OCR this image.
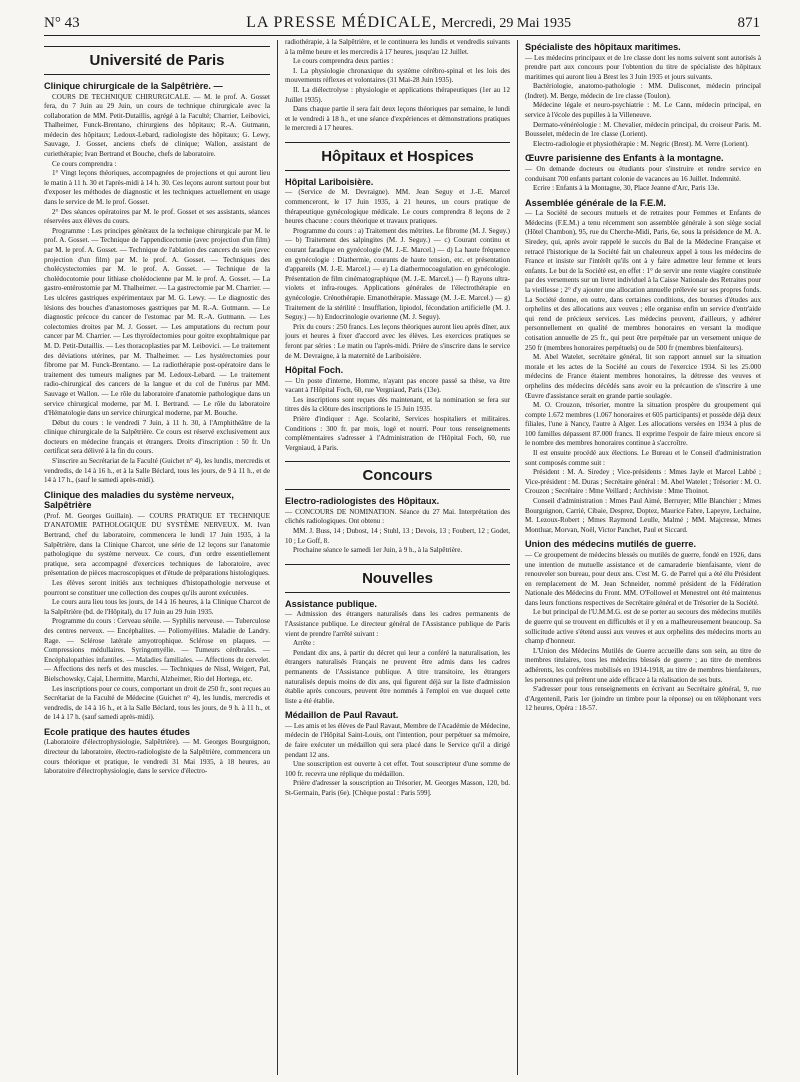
N° 43	LA PRESSE MÉDICALE, Mercredi, 29 Mai 1935	871
Université de Paris
Clinique chirurgicale de la Salpêtrière. —

COURS DE TECHNIQUE CHIRURGICALE. — M. le prof. A. Gosset fera, du 7 Juin au 29 Juin, un cours de technique chirurgicale avec la collaboration de MM. Petit-Dutaillis, agrégé à la Faculté; Charrier, Leibovici, Thalheimer, Funck-Brentano, chirurgiens des hôpitaux; R.-A. Gutmann, médecin des hôpitaux; Ledoux-Lebard, radiologiste des hôpitaux; G. Lewy, Sauvage, J. Gosset, anciens chefs de clinique; Wallon, assistant de curiethérapie; Ivan Bertrand et Bouche, chefs de laboratoire.

Ce cours comprendra :

1° Vingt leçons théoriques, accompagnées de projections et qui auront lieu le matin à 11 h. 30 et l'après-midi à 14 h. 30. Ces leçons auront surtout pour but d'exposer les méthodes de diagnostic et les techniques actuellement en usage dans le service de M. le prof. Gosset.

2° Des séances opératoires par M. le prof. Gosset et ses assistants, séances réservées aux élèves du cours.

Programme : Les principes généraux de la technique chirurgicale par M. le prof. A. Gosset. — Technique de l'appendicectomie (avec projection d'un film) par M. le prof. A. Gosset. — Technique de l'ablation des cancers du sein (avec projection d'un film) par M. le prof. A. Gosset. — Techniques des cholécystectomies par M. le prof. A. Gosset. — Technique de la cholédocotomie pour lithiase cholédocienne par M. le prof. A. Gosset. — La gastro-entérostomie par M. Thalheimer. — La gastrectomie par M. Charrier. — Les ulcères gastriques expérimentaux par M. G. Lewy. — Le diagnostic des lésions des bouches d'anastomoses gastriques par M. R.-A. Gutmann. — Le diagnostic précoce du cancer de l'estomac par M. R.-A. Gutmann. — Les colectomies droites par M. J. Gosset. — Les amputations du rectum pour cancer par M. Charrier. — Les thyroïdectomies pour goitre exophtalmique par M. D. Petit-Dutaillis. — Les thoracoplasties par M. Leibovici. — Le traitement des déviations utérines, par M. Thalheimer. — Les hystérectomies pour fibrome par M. Funck-Brentano. — La radiothérapie post-opératoire dans le traitement des tumeurs malignes par M. Ledoux-Lebard. — Le traitement radio-chirurgical des cancers de la langue et du col de l'utérus par MM. Sauvage et Wallon. — Le rôle du laboratoire d'anatomie pathologique dans un service chirurgical moderne, par M. I. Bertrand. — Le rôle du laboratoire d'Hématologie dans un service chirurgical moderne, par M. Bouche.

Début du cours : le vendredi 7 Juin, à 11 h. 30, à l'Amphithéâtre de la clinique chirurgicale de la Salpêtrière. Ce cours est réservé exclusivement aux docteurs en médecine français et étrangers. Droits d'inscription : 50 fr. Un certificat sera délivré à la fin du cours.

S'inscrire au Secrétariat de la Faculté (Guichet n° 4), les lundis, mercredis et vendredis, de 14 à 16 h., et à la Salle Béclard, tous les jours, de 9 à 11 h., et de 14 à 17 h., (sauf le samedi après-midi).

Clinique des maladies du système nerveux, Salpêtrière

(Prof. M. Georges Guillain). — COURS PRATIQUE ET TECHNIQUE D'ANATOMIE PATHOLOGIQUE DU SYSTÈME NERVEUX. M. Ivan Bertrand, chef du laboratoire, commencera le lundi 17 Juin 1935, à la Salpêtrière, dans la Clinique Charcot, une série de 12 leçons sur l'anatomie pathologique du système nerveux. Ce cours, d'un ordre essentiellement pratique, sera accompagné d'exercices techniques de laboratoire, avec présentation de pièces macroscopiques et d'étude de préparations histologiques.

Les élèves seront initiés aux techniques d'histopathologie nerveuse et pourront se constituer une collection des coupes qu'ils auront exécutées.

Le cours aura lieu tous les jours, de 14 à 16 heures, à la Clinique Charcot de la Salpêtrière (bd. de l'Hôpital), du 17 Juin au 29 Juin 1935.

Programme du cours : Cerveau sénile. — Syphilis nerveuse. — Tuberculose des centres nerveux. — Encéphalites. — Poliomyélites. Maladie de Landry. Rage. — Sclérose latérale amyotrophique. Sclérose en plaques. — Compressions médullaires. Syringomyélie. — Tumeurs cérébrales. — Encéphalopathies infantiles. — Maladies familiales. — Affections du cervelet. — Affections des nerfs et des muscles. — Techniques de Nissl, Weigert, Pal, Bielschowsky, Cajal, Lhermitte, Marchi, Alzheimer, Rio del Hortega, etc.

Les inscriptions pour ce cours, comportant un droit de 250 fr., sont reçues au Secrétariat de la Faculté de Médecine (Guichet n° 4), les lundis, mercredis et vendredis, de 14 à 16 h., et à la Salle Béclard, tous les jours, de 9 h. à 11 h., et de 14 à 17 h. (sauf samedi après-midi).

Ecole pratique des hautes études

(Laboratoire d'électrophysiologie, Salpêtrière). — M. Georges Bourguignon, directeur du laboratoire, électro-radiologiste de la Salpêtrière, commencera un cours théorique et pratique, le vendredi 31 Mai 1935, à 18 heures, au laboratoire d'électrophysiologie, dans le service d'électro-

radiothérapie, à la Salpêtrière, et le continuera les lundis et vendredis suivants à la même heure et les mercredis à 17 heures, jusqu'au 12 Juillet.

Le cours comprendra deux parties :

I. La physiologie chronaxique du système cérébro-spinal et les lois des mouvements réflexes et volontaires (31 Mai-28 Juin 1935).

II. La diélectrolyse : physiologie et applications thérapeutiques (1er au 12 Juillet 1935).

Dans chaque partie il sera fait deux leçons théoriques par semaine, le lundi et le vendredi à 18 h., et une séance d'expériences et démonstrations pratiques le mercredi à 17 heures.

Hôpitaux et Hospices
Hôpital Lariboisière.

— (Service de M. Devraigne). MM. Jean Seguy et J.-E. Marcel commenceront, le 17 Juin 1935, à 21 heures, un cours pratique de thérapeutique gynécologique médicale. Le cours comprendra 8 leçons de 2 heures chacune : cours théorique et travaux pratiques.

Programme du cours : a) Traitement des métrites. Le fibrome (M. J. Seguy.) — b) Traitement des salpingites (M. J. Seguy.) — c) Courant continu et courant faradique en gynécologie (M. J.-E. Marcel.) — d) La haute fréquence en gynécologie : Diathermie, courants de haute tension, etc. et présentation d'appareils (M. J.-E. Marcel.) — e) La diathermocoagulation en gynécologie. Présentation de film cinématographique (M. J.-E. Marcel.) — f) Rayons ultra-violets et infra-rouges. Applications générales de l'électrothérapie en gynécologie. Crénothérapie. Emanothérapie. Massage (M. J.-E. Marcel.) — g) Traitement de la stérilité : Insufflation, lipiodol, fécondation artificielle (M. J. Seguy.) — h) Endocrinologie ovarienne (M. J. Seguy).

Prix du cours : 250 francs. Les leçons théoriques auront lieu après dîner, aux jours et heures à fixer d'accord avec les élèves. Les exercices pratiques se feront par séries : Le matin ou l'après-midi. Prière de s'inscrire dans le service de M. Devraigne, à la maternité de Lariboisière.

Hôpital Foch.

— Un poste d'interne, Homme, n'ayant pas encore passé sa thèse, va être vacant à l'Hôpital Foch, 60, rue Vergniaud, Paris (13e).

Les inscriptions sont reçues dès maintenant, et la nomination se fera sur titres dès la clôture des inscriptions le 15 Juin 1935.

Prière d'indiquer : Age. Scolarité, Services hospitaliers et militaires. Conditions : 300 fr. par mois, logé et nourri. Pour tous renseignements complémentaires s'adresser à l'Administration de l'Hôpital Foch, 60, rue Vergniaud, à Paris.

Concours
Electro-radiologistes des Hôpitaux.

— CONCOURS DE NOMINATION. Séance du 27 Mai. Interprétation des clichés radiologiques. Ont obtenu :

MM. J. Buss, 14 ; Dubost, 14 ; Stuhl, 13 ; Devois, 13 ; Foubert, 12 ; Godet, 10 ; Le Goff, 8.

Prochaine séance le samedi 1er Juin, à 9 h., à la Salpêtrière.

Nouvelles
Assistance publique.

— Admission des étrangers naturalisés dans les cadres permanents de l'Assistance publique. Le directeur général de l'Assistance publique de Paris vient de prendre l'arrêté suivant :

Arrête :

Pendant dix ans, à partir du décret qui leur a conféré la naturalisation, les étrangers naturalisés Français ne peuvent être admis dans les cadres permanents de l'Assistance publique. A titre transitoire, les étrangers naturalisés depuis moins de dix ans, qui figurent déjà sur la liste d'admission établie après concours, peuvent être nommés à l'emploi en vue duquel cette liste a été établie.

Médaillon de Paul Ravaut.

— Les amis et les élèves de Paul Ravaut, Membre de l'Académie de Médecine, médecin de l'Hôpital Saint-Louis, ont l'intention, pour perpétuer sa mémoire, de faire exécuter un médaillon qui sera placé dans le Service qu'il a dirigé pendant 12 ans.

Une souscription est ouverte à cet effet. Tout souscripteur d'une somme de 100 fr. recevra une réplique du médaillon.

Prière d'adresser la souscription au Trésorier, M. Georges Masson, 120, bd. St-Germain, Paris (6e). [Chèque postal : Paris 599].

Spécialiste des hôpitaux maritimes.

— Les médecins principaux et de 1re classe dont les noms suivent sont autorisés à prendre part aux concours pour l'obtention du titre de spécialiste des hôpitaux maritimes qui auront lieu à Brest les 3 Juin 1935 et jours suivants.

Bactériologie, anatomo-pathologie : MM. Dulisconet, médecin principal (Indret). M. Berge, médecin de 1re classe (Toulon).

Médecine légale et neuro-psychiatrie : M. Le Cann, médecin principal, en service à l'école des pupilles à la Villeneuve.

Dermato-vénéréologie : M. Chevalier, médecin principal, du croiseur Paris. M. Bousselet, médecin de 1re classe (Lorient).

Electro-radiologie et physiothérapie : M. Negric (Brest). M. Verre (Lorient).

Œuvre parisienne des Enfants à la montagne.

— On demande docteurs ou étudiants pour s'instruire et rendre service en conduisant 700 enfants partant colonie de vacances au 16 Juillet. Indemnité.

Ecrire : Enfants à la Montagne, 30, Place Jeanne d'Arc, Paris 13e.

Assemblée générale de la F.E.M.

— La Société de secours mutuels et de retraites pour Femmes et Enfants de Médecins (F.E.M.) a tenu récemment son assemblée générale à son siège social (Hôtel Chambon), 95, rue du Cherche-Midi, Paris, 6e, sous la présidence de M. A. Siredey, qui, après avoir rappelé le succès du Bal de la Médecine Française et retracé l'historique de la Société fait un chaleureux appel à tous les médecins de France et insiste sur l'intérêt qu'ils ont à y faire admettre leur femme et leurs enfants. Le but de la Société est, en effet : 1° de servir une rente viagère constituée par des versements sur un livret individuel à la Caisse Nationale des Retraites pour la vieillesse ; 2° d'y ajouter une allocation annuelle prélevée sur ses propres fonds. La Société donne, en outre, dans certaines conditions, des bourses d'études aux orphelins et des allocations aux veuves ; elle organise enfin un service d'entr'aide qui rend de précieux services. Les médecins peuvent, d'ailleurs, y adhérer personnellement en qualité de membres honoraires en versant la modique cotisation annuelle de 25 fr., qui peut être perpétuée par un versement unique de 250 fr (membres honoraires perpétuels) ou de 500 fr (membres bienfaiteurs).

M. Abel Watelet, secrétaire général, lit son rapport annuel sur la situation morale et les actes de la Société au cours de l'exercice 1934. Si les 25.000 médecins de France étaient membres honoraires, la détresse des veuves et orphelins des médecins décédés sans avoir eu la précaution de s'inscrire à une Œuvre d'assistance serait en grande partie soulagée.

M. O. Crouzon, trésorier, montre la situation prospère du groupement qui compte 1.672 membres (1.067 honoraires et 605 participants) et possède déjà deux filiales, l'une à Nancy, l'autre à Alger. Les allocations versées en 1934 à plus de 100 familles dépassent 87.000 francs. Il exprime l'espoir de faire mieux encore si le nombre des membres honoraires continue à s'accroître.

Il est ensuite procédé aux élections. Le Bureau et le Conseil d'administration sont composés comme suit :

Président : M. A. Siredey ; Vice-présidents : Mmes Jayle et Marcel Labbé ; Vice-président : M. Duras ; Secrétaire général : M. Abel Watelet ; Trésorier : M. O. Crouzon ; Secrétaire : Mme Veillard ; Archiviste : Mme Thoinot.

Conseil d'administration : Mmes Paul Aimé, Berruyer; Mlle Blanchier ; Mmes Bourguignon, Carrié, Cibaie, Desprez, Doptez, Maurice Fabre, Lapeyre, Lechaine, M. Lezoux-Robert ; Mmes Raymond Leulle, Malmé ; MM. Majcresse, Mmes Montluar, Morvan, Noël, Victor Panchet, Paul et Siccard.

Union des médecins mutilés de guerre.

— Ce groupement de médecins blessés ou mutilés de guerre, fondé en 1926, dans une intention de mutuelle assistance et de camaraderie bienfaisante, vient de renouveler son bureau, pour deux ans. C'est M. G. de Parrel qui a été élu Président en remplacement de M. Jean Schneider, nommé président de la Fédération Nationale des Médecins du Front. MM. O'Followel et Menestrel ont été maintenus dans leurs fonctions respectives de Secrétaire général et de Trésorier de la Société.

Le but principal de l'U.M.M.G. est de se porter au secours des médecins mutilés de guerre qui se trouvent en difficultés et il y en a malheureusement beaucoup. Sa sollicitude active s'étend aussi aux veuves et aux orphelins des médecins morts au champ d'honneur.

L'Union des Médecins Mutilés de Guerre accueille dans son sein, au titre de membres titulaires, tous les médecins blessés de guerre ; au titre de membres adhérents, les confrères mobilisés en 1914-1918, au titre de membres bienfaiteurs, les personnes qui prêtent une aide efficace à la réalisation de ses buts.

S'adresser pour tous renseignements en écrivant au Secrétaire général, 9, rue d'Argentenil, Paris 1er (joindre un timbre pour la réponse) ou en téléphonant vers 12 heures, Opéra : 18-57.
